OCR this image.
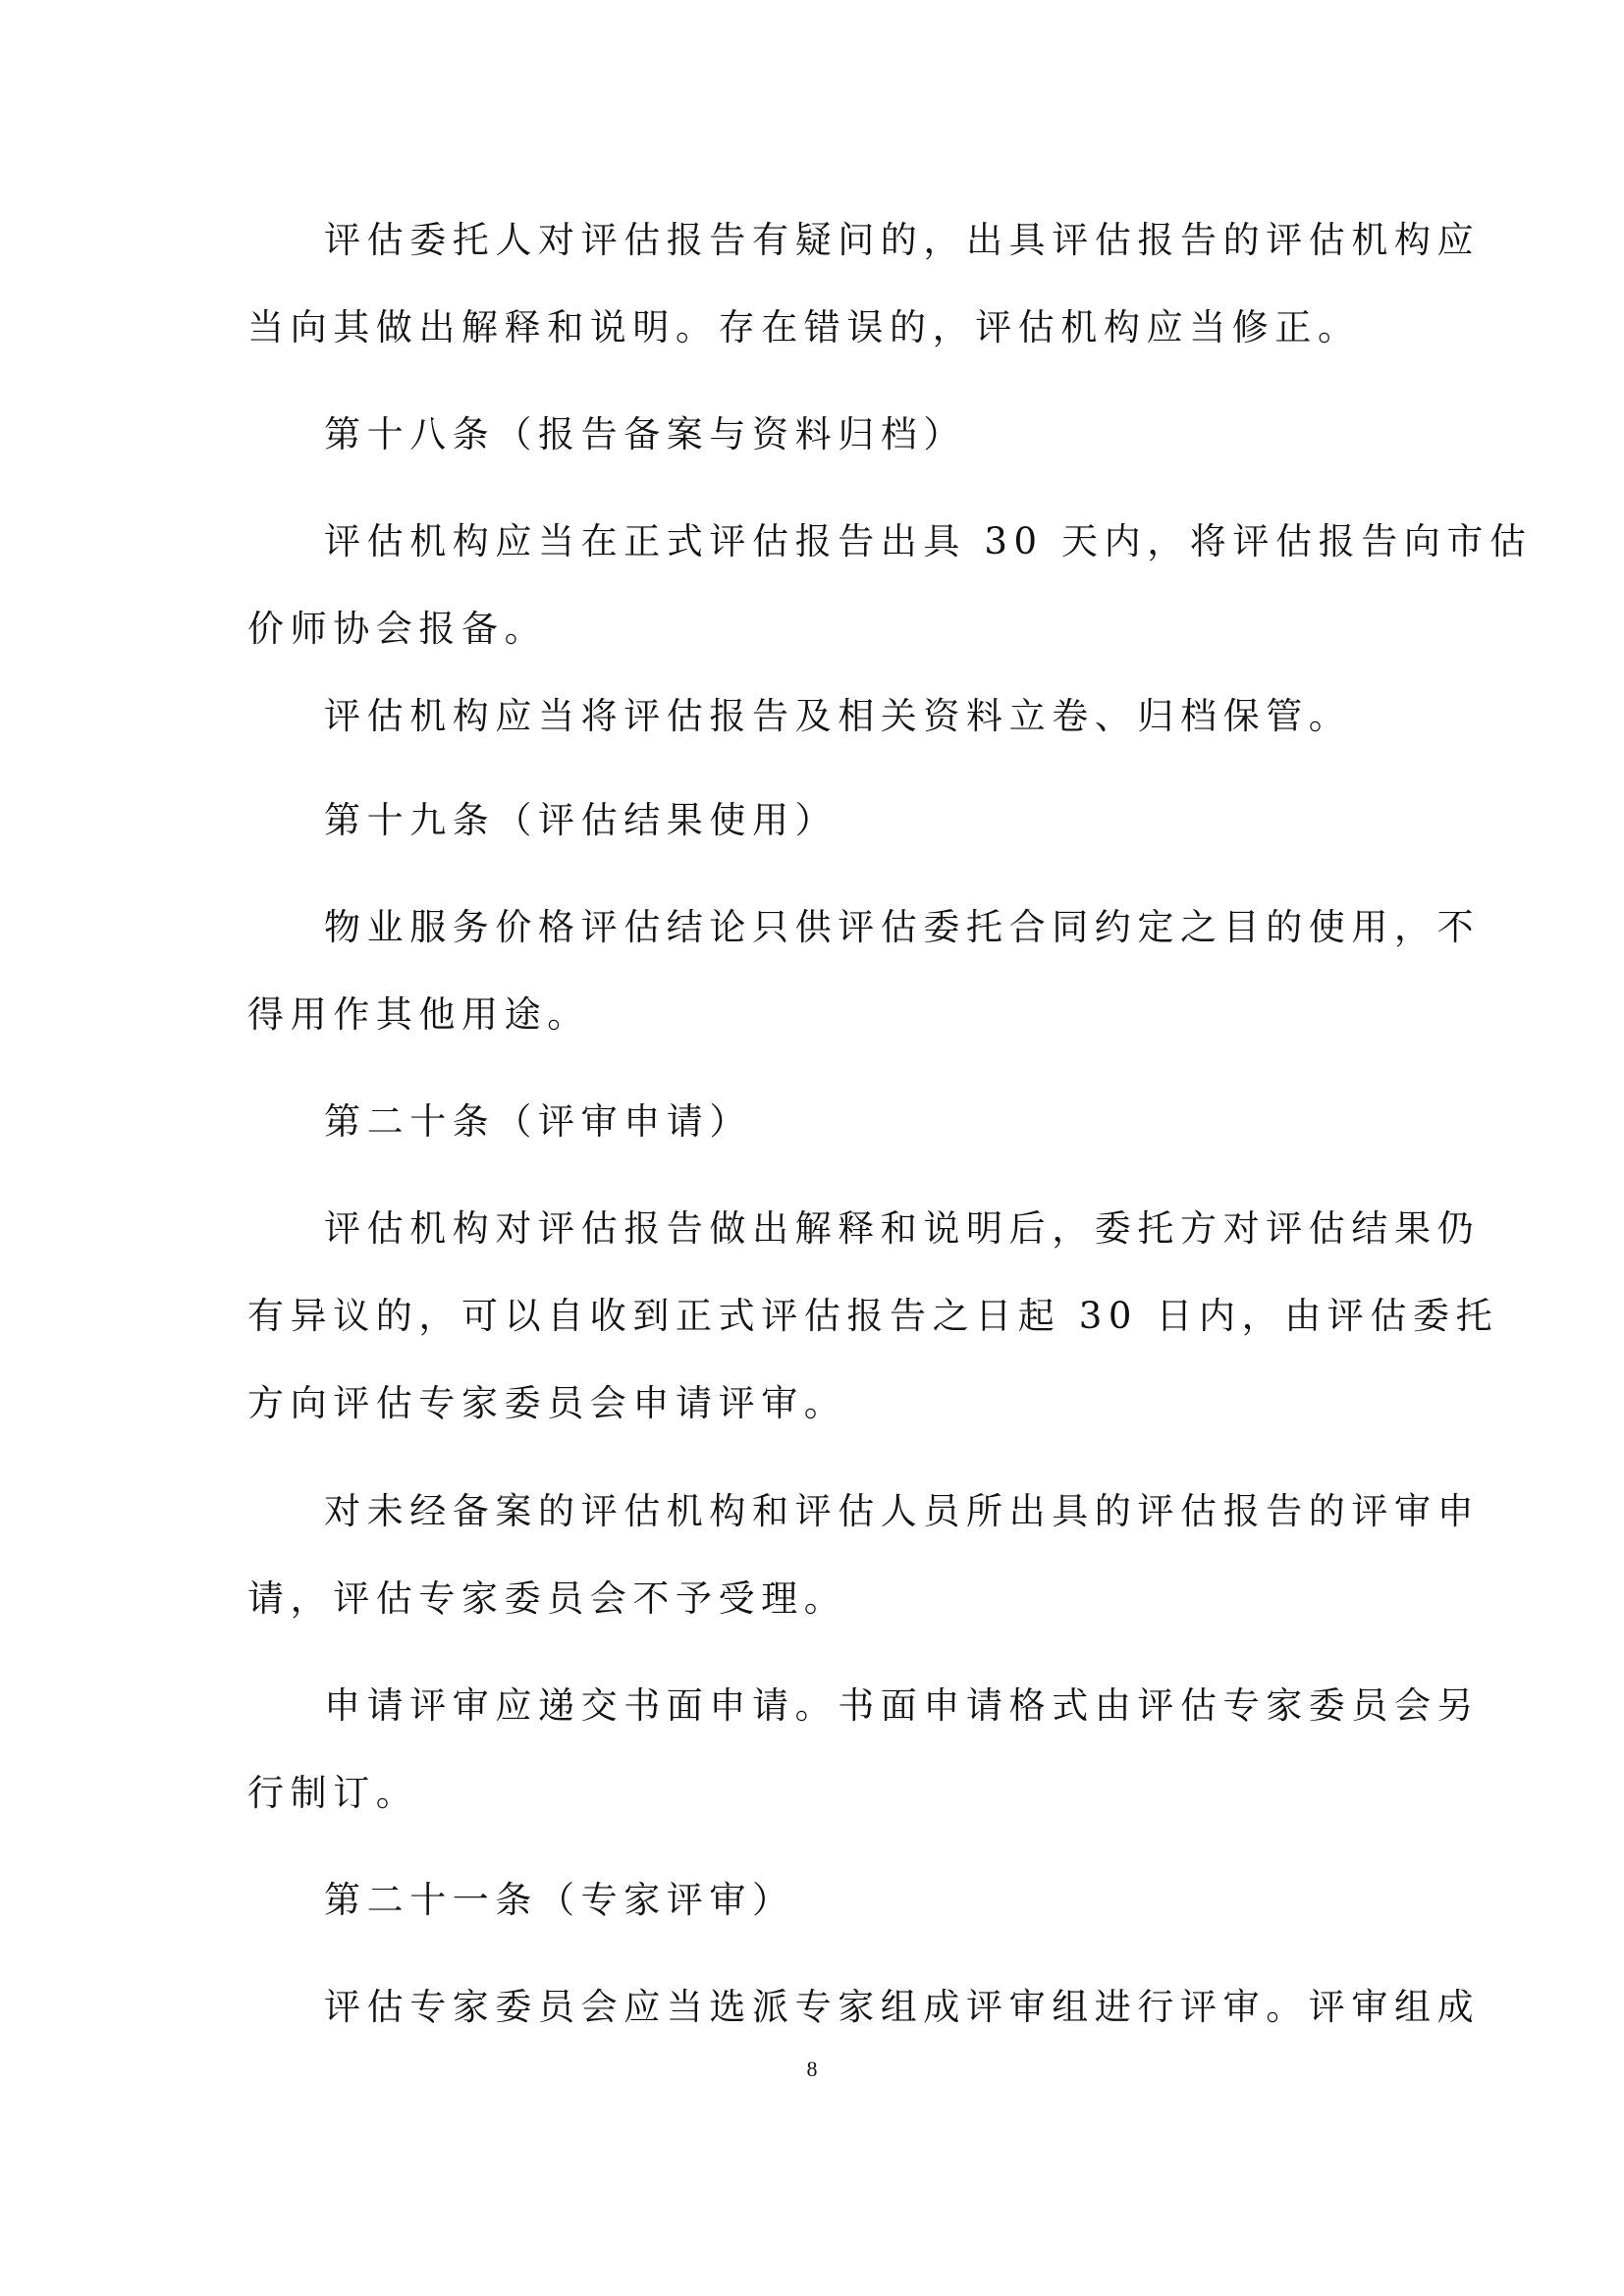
评估委托人对评估报告有疑问的，出具评估报告的评估机构应
当向其做出解释和说明。存在错误的，评估机构应当修正。
第十八条（报告备案与资料归档）
评估机构应当在正式评估报告出具 30 天内，将评估报告向市估
价师协会报备。
评估机构应当将评估报告及相关资料立卷、归档保管。
第十九条（评估结果使用）
物业服务价格评估结论只供评估委托合同约定之目的使用，不
得用作其他用途。
第二十条（评审申请）
评估机构对评估报告做出解释和说明后，委托方对评估结果仍
有异议的，可以自收到正式评估报告之日起 30 日内，由评估委托
方向评估专家委员会申请评审。
对未经备案的评估机构和评估人员所出具的评估报告的评审申
请，评估专家委员会不予受理。
申请评审应递交书面申请。书面申请格式由评估专家委员会另
行制订。
第二十一条（专家评审）
评估专家委员会应当选派专家组成评审组进行评审。评审组成
8
